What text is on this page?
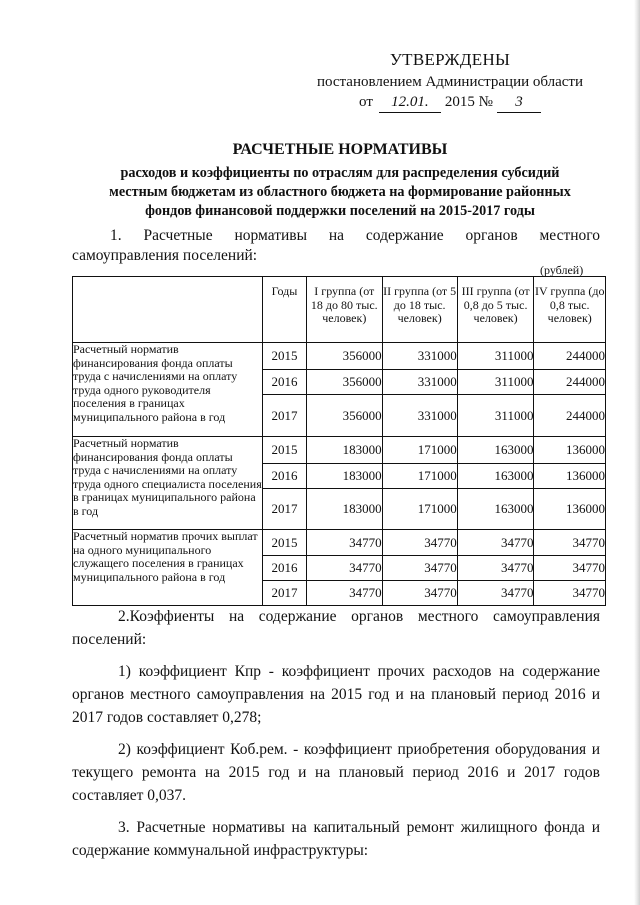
УТВЕРЖДЕНЫ
постановлением Администрации области
от 12.01. 2015 № 3
РАСЧЕТНЫЕ НОРМАТИВЫ
расходов и коэффициенты по отраслям для распределения субсидий
местным бюджетам из областного бюджета на формирование районных
фондов финансовой поддержки поселений на 2015-2017 годы
1. Расчетные нормативы на содержание органов местного
самоуправления поселений:
(рублей)
	Годы	I группа (от 18 до 80 тыс. человек)	II группа (от 5 до 18 тыс. человек)	III группа (от 0,8 до 5 тыс. человек)	IV группа (до 0,8 тыс. человек)
Расчетный норматив финансирования фонда оплаты труда с начислениями на оплату труда одного руководителя поселения в границах муниципального района в год	2015	356000	331000	311000	244000
	2016	356000	331000	311000	244000
	2017	356000	331000	311000	244000
Расчетный норматив финансирования фонда оплаты труда с начислениями на оплату труда одного специалиста поселения в границах муниципального района в год	2015	183000	171000	163000	136000
	2016	183000	171000	163000	136000
	2017	183000	171000	163000	136000
Расчетный норматив прочих выплат на одного муниципального служащего поселения в границах муниципального района в год	2015	34770	34770	34770	34770
	2016	34770	34770	34770	34770
	2017	34770	34770	34770	34770

2.Коэффиенты на содержание органов местного самоуправления поселений:

1) коэффициент Кпр - коэффициент прочих расходов на содержание органов местного самоуправления на 2015 год и на плановый период 2016 и 2017 годов составляет 0,278;

2) коэффициент Коб.рем. - коэффициент приобретения оборудования и текущего ремонта на 2015 год и на плановый период 2016 и 2017 годов составляет 0,037.

3. Расчетные нормативы на капитальный ремонт жилищного фонда и содержание коммунальной инфраструктуры:
